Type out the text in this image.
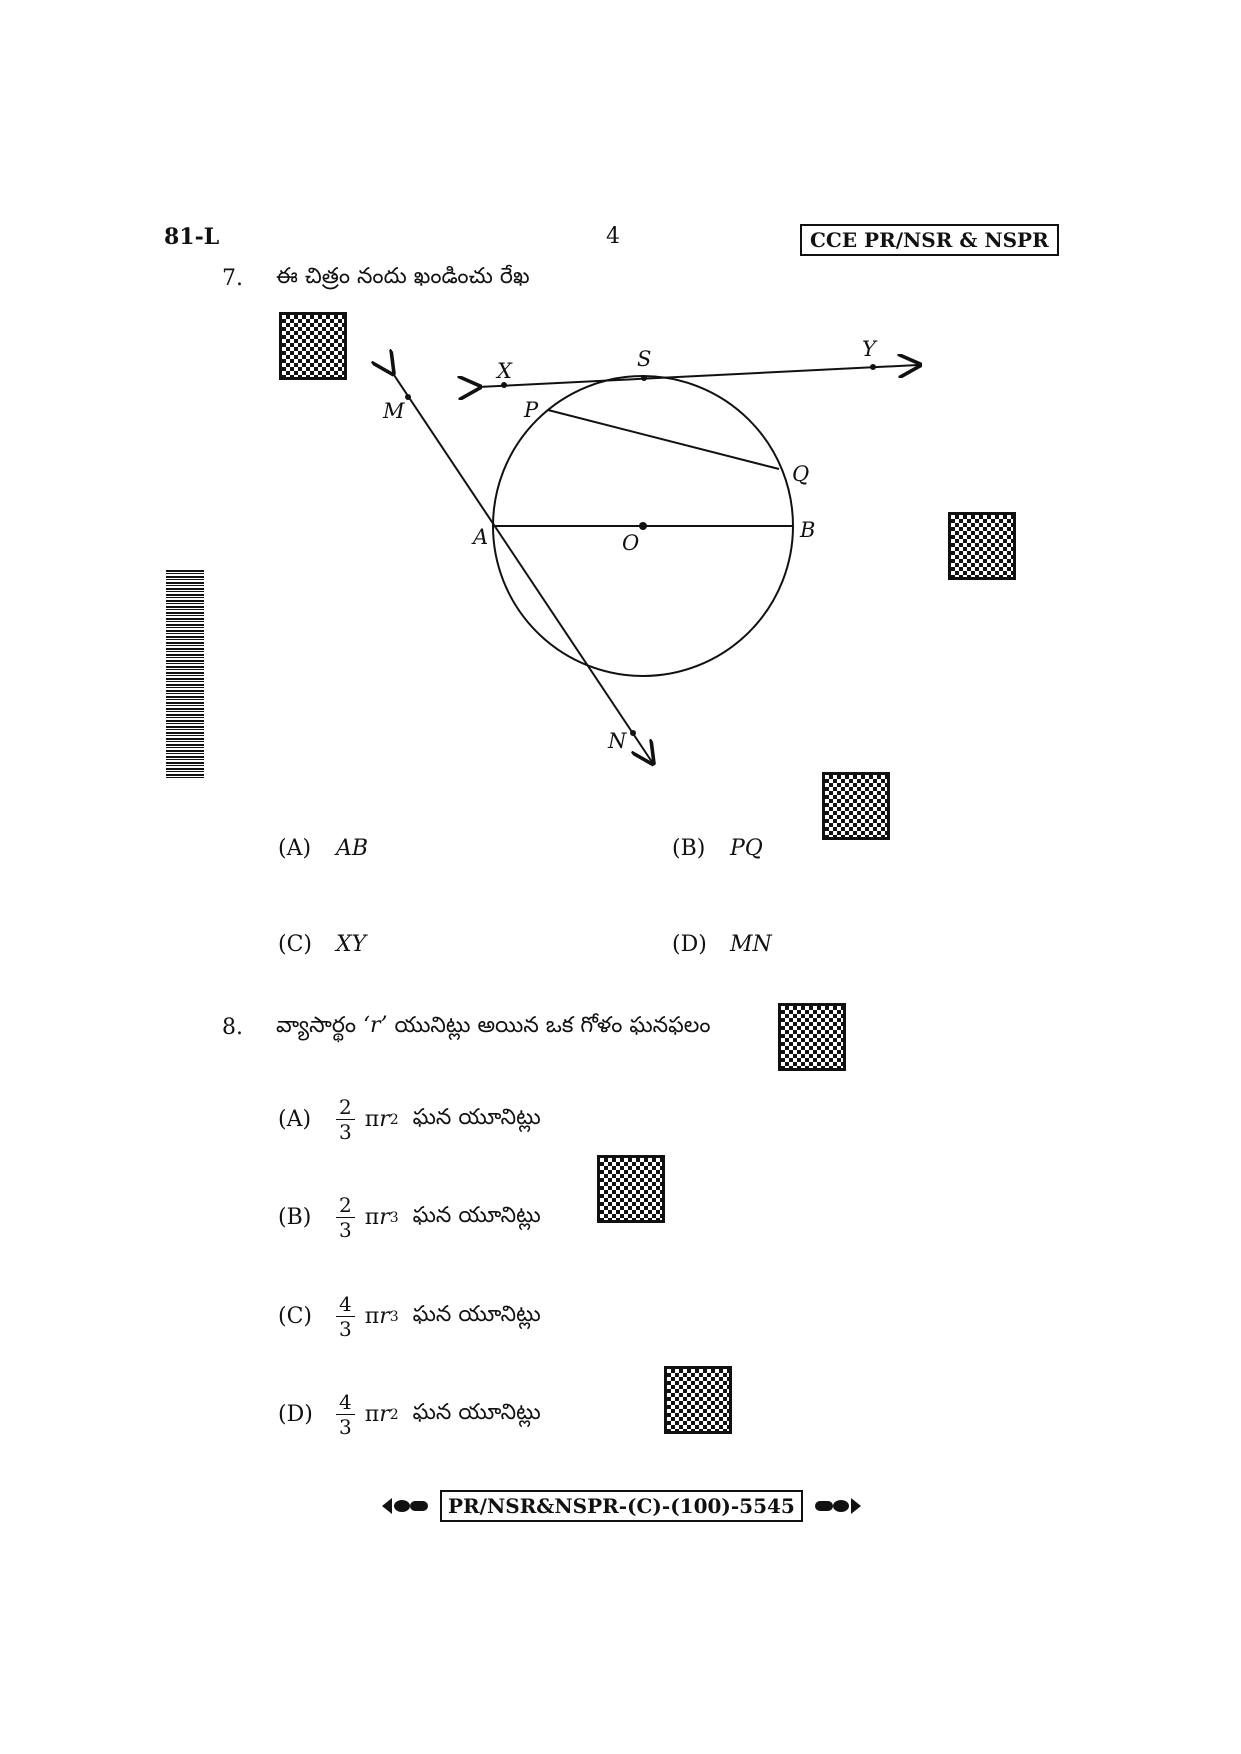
81-L	4	CCE PR/NSR & NSPR
7. ఈ చిత్రం నందు ఖండించు రేఖ
X	S	Y
P
Q
M
A	O
B
N
(A) AB	(B) PQ
(C) XY	(D) MN
8. వ్యాసార్థం ‘r’ యునిట్లు అయిన ఒక గోళం ఘనఫలం
(A)	$\frac{2}{3}$ π r 2 ఘన యూనిట్లు
(B)	$\frac{2}{3}$ π r 3 ఘన యూనిట్లు
(C)	$\frac{4}{3}$ π r 3 ఘన యూనిట్లు
(D)	$\frac{4}{3}$ π r 2 ఘన యూనిట్లు
PR/NSR&NSPR-(C)-(100)-5545
